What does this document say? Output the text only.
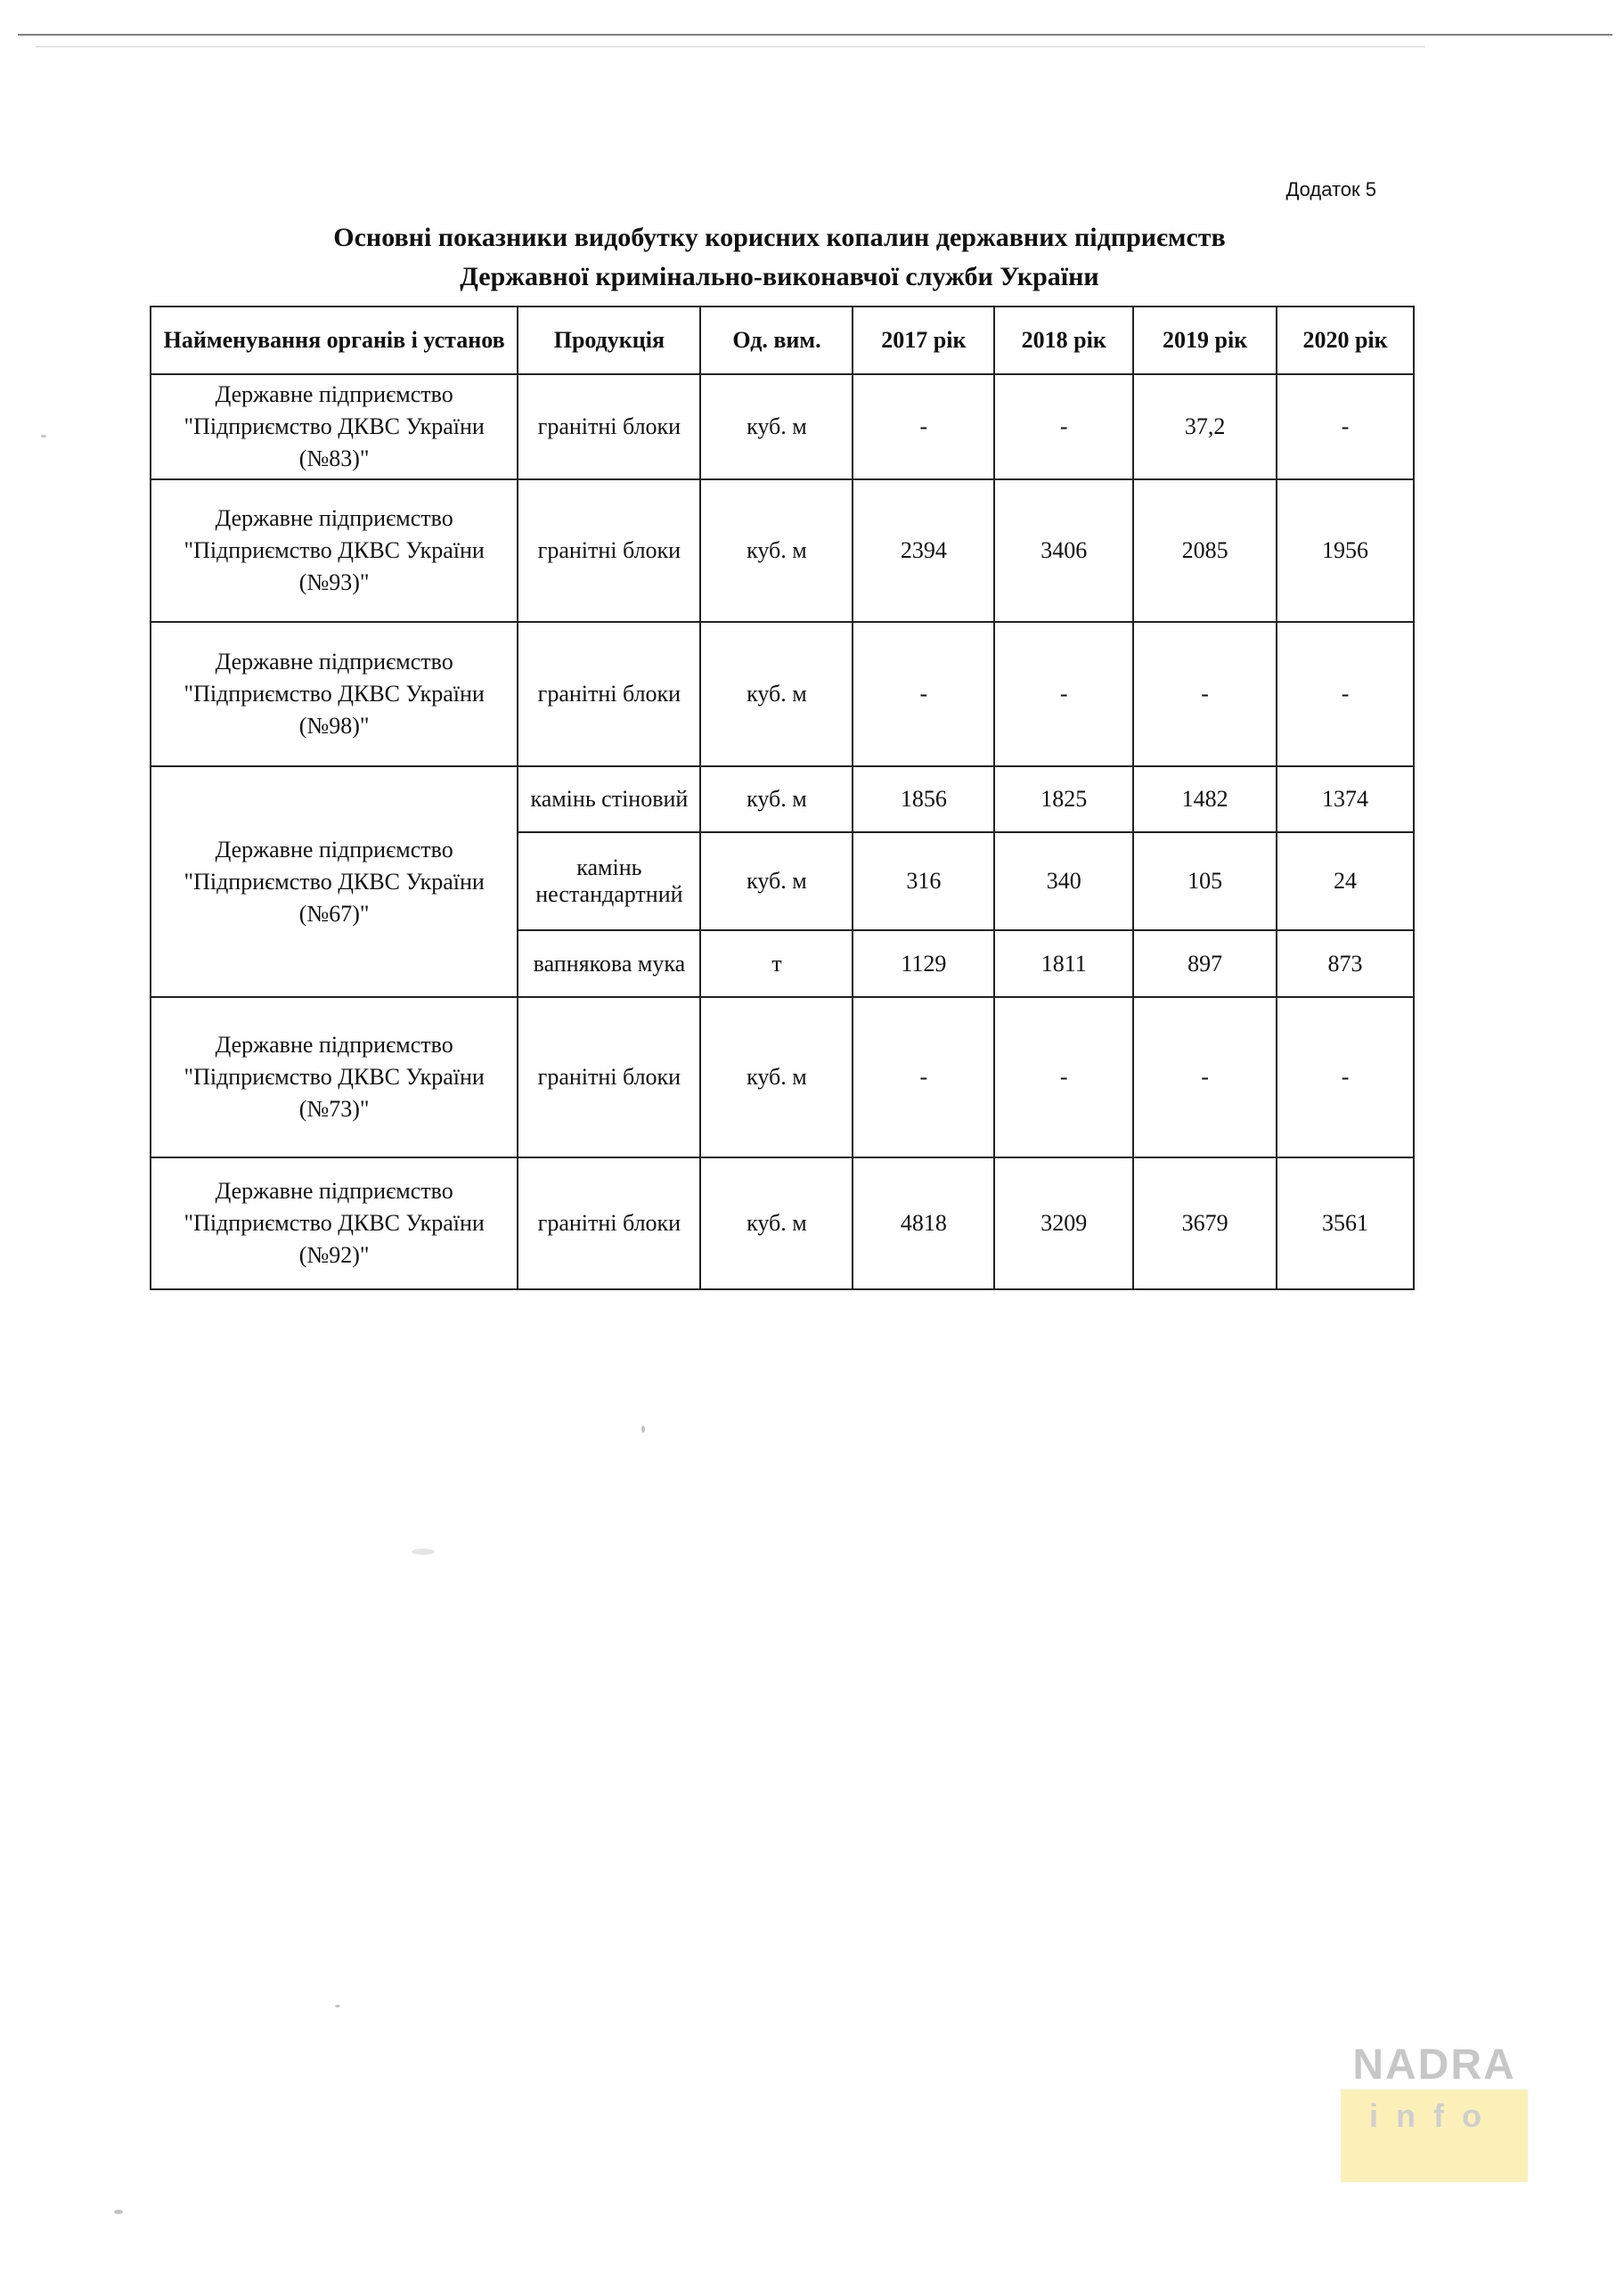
Додаток 5
Основні показники видобутку корисних копалин державних підприємств
Державної кримінально-виконавчої служби України
Найменування органів і установ	Продукція	Од. вим.	2017 рік	2018 рік	2019 рік	2020 рік
Державне підприємство "Підприємство ДКВС України (№83)"	гранітні блоки	куб. м	-	-	37,2	-
Державне підприємство "Підприємство ДКВС України (№93)"	гранітні блоки	куб. м	2394	3406	2085	1956
Державне підприємство "Підприємство ДКВС України (№98)"	гранітні блоки	куб. м	-	-	-	-
Державне підприємство "Підприємство ДКВС України (№67)"	камінь стіновий	куб. м	1856	1825	1482	1374
	камінь нестандартний	куб. м	316	340	105	24
	вапнякова мука	т	1129	1811	897	873
Державне підприємство "Підприємство ДКВС України (№73)"	гранітні блоки	куб. м	-	-	-	-
Державне підприємство "Підприємство ДКВС України (№92)"	гранітні блоки	куб. м	4818	3209	3679	3561
NADRA
info
